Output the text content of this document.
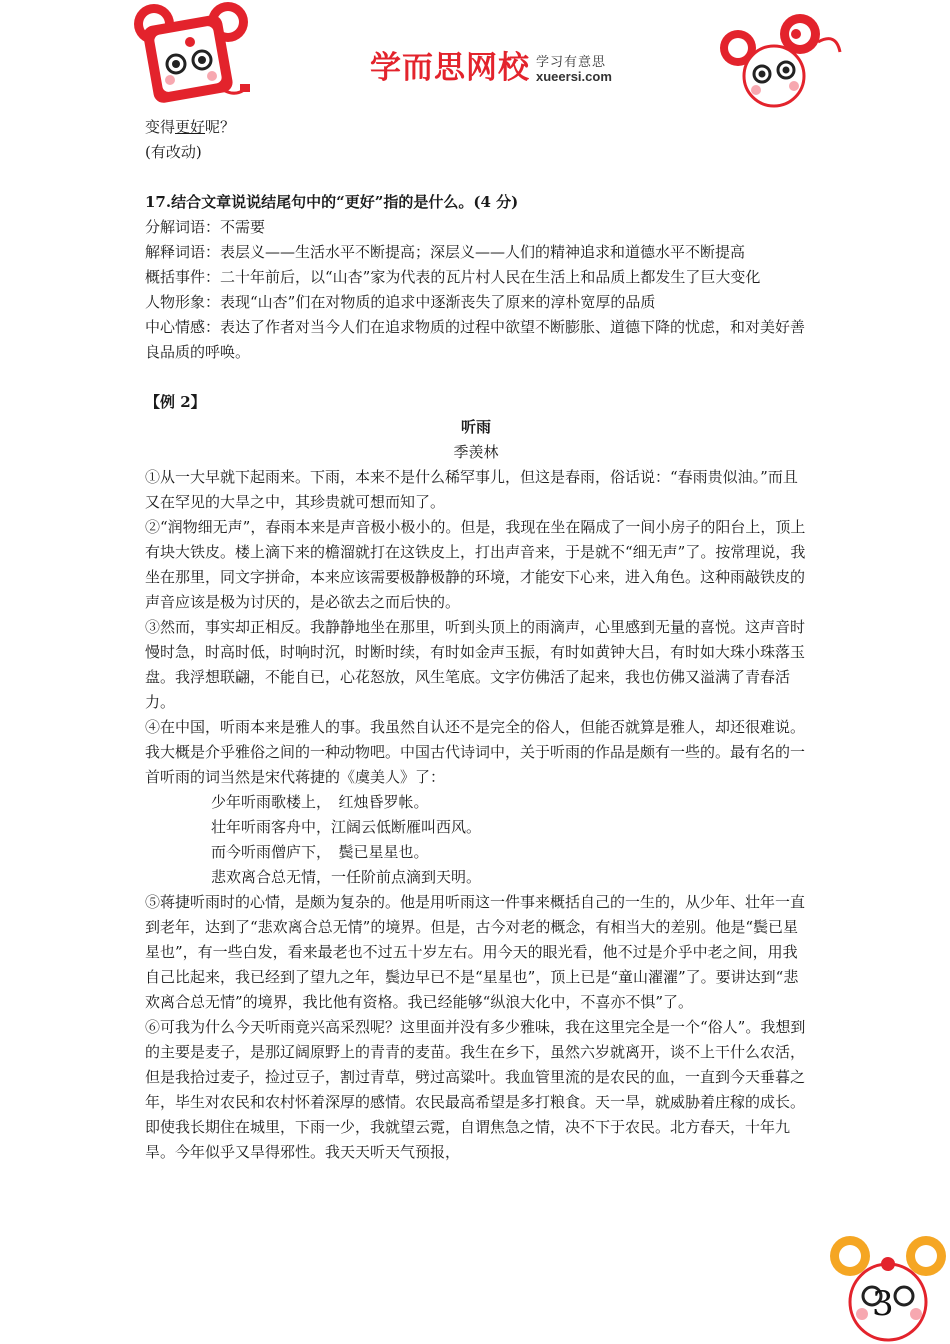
学而思网校 学习有意思
xueersi.com

变得更好呢？

(有改动)

17.结合文章说说结尾句中的“更好”指的是什么。(4 分)

分解词语：不需要

解释词语：表层义——生活水平不断提高；深层义——人们的精神追求和道德水平不断提高

概括事件：二十年前后，以“山杏”家为代表的瓦片村人民在生活上和品质上都发生了巨大变化

人物形象：表现“山杏”们在对物质的追求中逐渐丧失了原来的淳朴宽厚的品质

中心情感：表达了作者对当今人们在追求物质的过程中欲望不断膨胀、道德下降的忧虑，和对美好善良品质的呼唤。

【例 2】

听雨

季羡林

①从一大早就下起雨来。下雨，本来不是什么稀罕事儿，但这是春雨，俗话说：“春雨贵似油。”而且又在罕见的大旱之中，其珍贵就可想而知了。

②“润物细无声”，春雨本来是声音极小极小的。但是，我现在坐在隔成了一间小房子的阳台上，顶上有块大铁皮。楼上滴下来的檐溜就打在这铁皮上，打出声音来，于是就不“细无声”了。按常理说，我坐在那里，同文字拼命，本来应该需要极静极静的环境，才能安下心来，进入角色。这种雨敲铁皮的声音应该是极为讨厌的，是必欲去之而后快的。

③然而，事实却正相反。我静静地坐在那里，听到头顶上的雨滴声，心里感到无量的喜悦。这声音时慢时急，时高时低，时响时沉，时断时续，有时如金声玉振，有时如黄钟大吕，有时如大珠小珠落玉盘。我浮想联翩，不能自已，心花怒放，风生笔底。文字仿佛活了起来，我也仿佛又溢满了青春活力。

④在中国，听雨本来是雅人的事。我虽然自认还不是完全的俗人，但能否就算是雅人，却还很难说。我大概是介乎雅俗之间的一种动物吧。中国古代诗词中，关于听雨的作品是颇有一些的。最有名的一首听雨的词当然是宋代蒋捷的《虞美人》了：

少年听雨歌楼上，　红烛昏罗帐。

壮年听雨客舟中，江阔云低断雁叫西风。

而今听雨僧庐下，　鬓已星星也。

悲欢离合总无情，一任阶前点滴到天明。

⑤蒋捷听雨时的心情，是颇为复杂的。他是用听雨这一件事来概括自己的一生的，从少年、壮年一直到老年，达到了“悲欢离合总无情”的境界。但是，古今对老的概念，有相当大的差别。他是“鬓已星星也”，有一些白发，看来最老也不过五十岁左右。用今天的眼光看，他不过是介乎中老之间，用我自己比起来，我已经到了望九之年，鬓边早已不是“星星也”，顶上已是“童山濯濯”了。要讲达到“悲欢离合总无情”的境界，我比他有资格。我已经能够“纵浪大化中，不喜亦不惧”了。

⑥可我为什么今天听雨竟兴高采烈呢？这里面并没有多少雅味，我在这里完全是一个“俗人”。我想到的主要是麦子，是那辽阔原野上的青青的麦苗。我生在乡下，虽然六岁就离开，谈不上干什么农活，但是我拾过麦子，捡过豆子，割过青草，劈过高粱叶。我血管里流的是农民的血，一直到今天垂暮之年，毕生对农民和农村怀着深厚的感情。农民最高希望是多打粮食。天一旱，就威胁着庄稼的成长。即使我长期住在城里，下雨一少，我就望云霓，自谓焦急之情，决不下于农民。北方春天，十年九旱。今年似乎又旱得邪性。我天天听天气预报，

3
